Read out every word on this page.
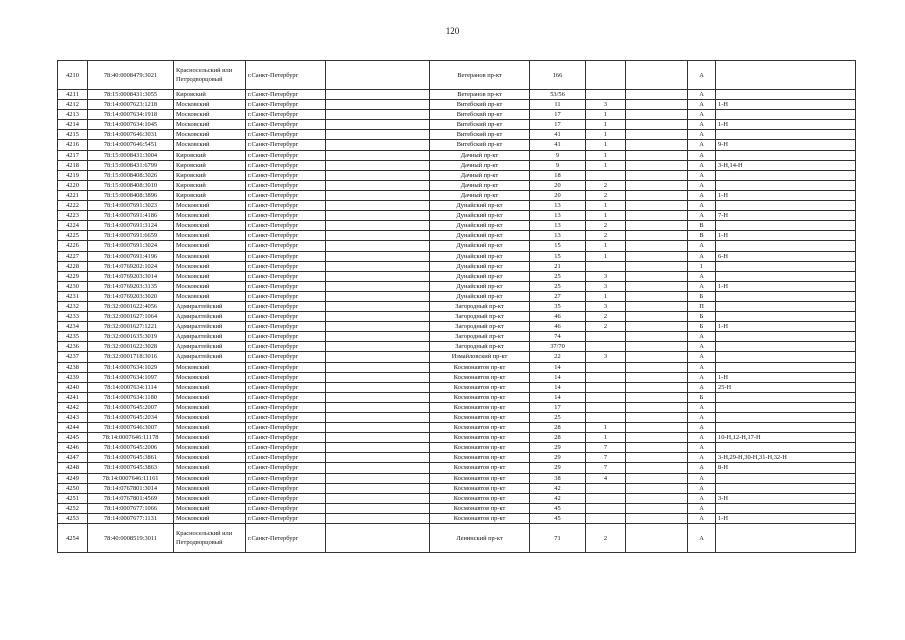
120
4210	78:40:0008479:3021	Красносельский или Петродворцовый	г.Санкт-Петербург		Ветеранов пр-кт	166			А	
4211	78:15:0008431:3055	Кировский	г.Санкт-Петербург		Ветеранов пр-кт	53/56			А	
4212	78:14:0007623:1218	Московский	г.Санкт-Петербург		Витебский пр-кт	11	3		А	1-Н
4213	78:14:0007634:1918	Московский	г.Санкт-Петербург		Витебский пр-кт	17	1		А	
4214	78:14:0007634:1045	Московский	г.Санкт-Петербург		Витебский пр-кт	17	1		А	1-Н
4215	78:14:0007646:3031	Московский	г.Санкт-Петербург		Витебский пр-кт	41	1		А	
4216	78:14:0007646:5451	Московский	г.Санкт-Петербург		Витебский пр-кт	41	1		А	9-Н
4217	78:15:0008431:3004	Кировский	г.Санкт-Петербург		Дачный пр-кт	9	1		А	
4218	78:15:0008431:6799	Кировский	г.Санкт-Петербург		Дачный пр-кт	9	1		А	3-Н,14-Н
4219	78:15:0008408:3026	Кировский	г.Санкт-Петербург		Дачный пр-кт	18			А	
4220	78:15:0008408:3010	Кировский	г.Санкт-Петербург		Дачный пр-кт	20	2		А	
4221	78:15:0008408:3896	Кировский	г.Санкт-Петербург		Дачный пр-кт	20	2		А	1-Н
4222	78:14:0007691:3023	Московский	г.Санкт-Петербург		Дунайский пр-кт	13	1		А	
4223	78:14:0007691:4186	Московский	г.Санкт-Петербург		Дунайский пр-кт	13	1		А	7-Н
4224	78:14:0007691:3124	Московский	г.Санкт-Петербург		Дунайский пр-кт	13	2		В	
4225	78:14:0007691:6659	Московский	г.Санкт-Петербург		Дунайский пр-кт	13	2		В	1-Н
4226	78:14:0007691:3024	Московский	г.Санкт-Петербург		Дунайский пр-кт	15	1		А	
4227	78:14:0007691:4196	Московский	г.Санкт-Петербург		Дунайский пр-кт	15	1		А	6-Н
4228	78:14:0769202:1024	Московский	г.Санкт-Петербург		Дунайский пр-кт	21			1	
4229	78:14:0769203:3014	Московский	г.Санкт-Петербург		Дунайский пр-кт	25	3		А	
4230	78:14:0769203:3135	Московский	г.Санкт-Петербург		Дунайский пр-кт	25	3		А	1-Н
4231	78:14:0769203:3020	Московский	г.Санкт-Петербург		Дунайский пр-кт	27	1		Б	
4232	78:32:0001622:4056	Адмиралтейский	г.Санкт-Петербург		Загородный пр-кт	35	3		П	
4233	78:32:0001627:1064	Адмиралтейский	г.Санкт-Петербург		Загородный пр-кт	46	2		Б	
4234	78:32:0001627:1221	Адмиралтейский	г.Санкт-Петербург		Загородный пр-кт	46	2		Б	1-Н
4235	78:32:0001635:3019	Адмиралтейский	г.Санкт-Петербург		Загородный пр-кт	74			А	
4236	78:32:0001622:3028	Адмиралтейский	г.Санкт-Петербург		Загородный пр-кт	37/70			А	
4237	78:32:0001718:3016	Адмиралтейский	г.Санкт-Петербург		Измайловский пр-кт	22	3		А	
4238	78:14:0007634:1029	Московский	г.Санкт-Петербург		Космонавтов пр-кт	14			А	
4239	78:14:0007634:1097	Московский	г.Санкт-Петербург		Космонавтов пр-кт	14			А	1-Н
4240	78:14:0007634:1114	Московский	г.Санкт-Петербург		Космонавтов пр-кт	14			А	25-Н
4241	78:14:0007634:1180	Московский	г.Санкт-Петербург		Космонавтов пр-кт	14			Б	
4242	78:14:0007645:2007	Московский	г.Санкт-Петербург		Космонавтов пр-кт	17			А	
4243	78:14:0007645:2034	Московский	г.Санкт-Петербург		Космонавтов пр-кт	25			А	
4244	78:14:0007646:3007	Московский	г.Санкт-Петербург		Космонавтов пр-кт	28	1		А	
4245	78:14:0007646:11178	Московский	г.Санкт-Петербург		Космонавтов пр-кт	28	1		А	10-Н,12-Н,17-Н
4246	78:14:0007645:2006	Московский	г.Санкт-Петербург		Космонавтов пр-кт	29	7		А	
4247	78:14:0007645:3861	Московский	г.Санкт-Петербург		Космонавтов пр-кт	29	7		А	3-Н,29-Н,30-Н,31-Н,32-Н
4248	78:14:0007645:3863	Московский	г.Санкт-Петербург		Космонавтов пр-кт	29	7		А	8-Н
4249	78:14:0007646:11161	Московский	г.Санкт-Петербург		Космонавтов пр-кт	38	4		А	
4250	78:14:0767801:3014	Московский	г.Санкт-Петербург		Космонавтов пр-кт	42			А	
4251	78:14:0767801:4569	Московский	г.Санкт-Петербург		Космонавтов пр-кт	42			А	3-Н
4252	78:14:0007677:1066	Московский	г.Санкт-Петербург		Космонавтов пр-кт	45			А	
4253	78:14:0007677:1131	Московский	г.Санкт-Петербург		Космонавтов пр-кт	45			А	1-Н
4254	78:40:0008519:3011	Красносельский или Петродворцовый	г.Санкт-Петербург		Ленинский пр-кт	71	2		А	
